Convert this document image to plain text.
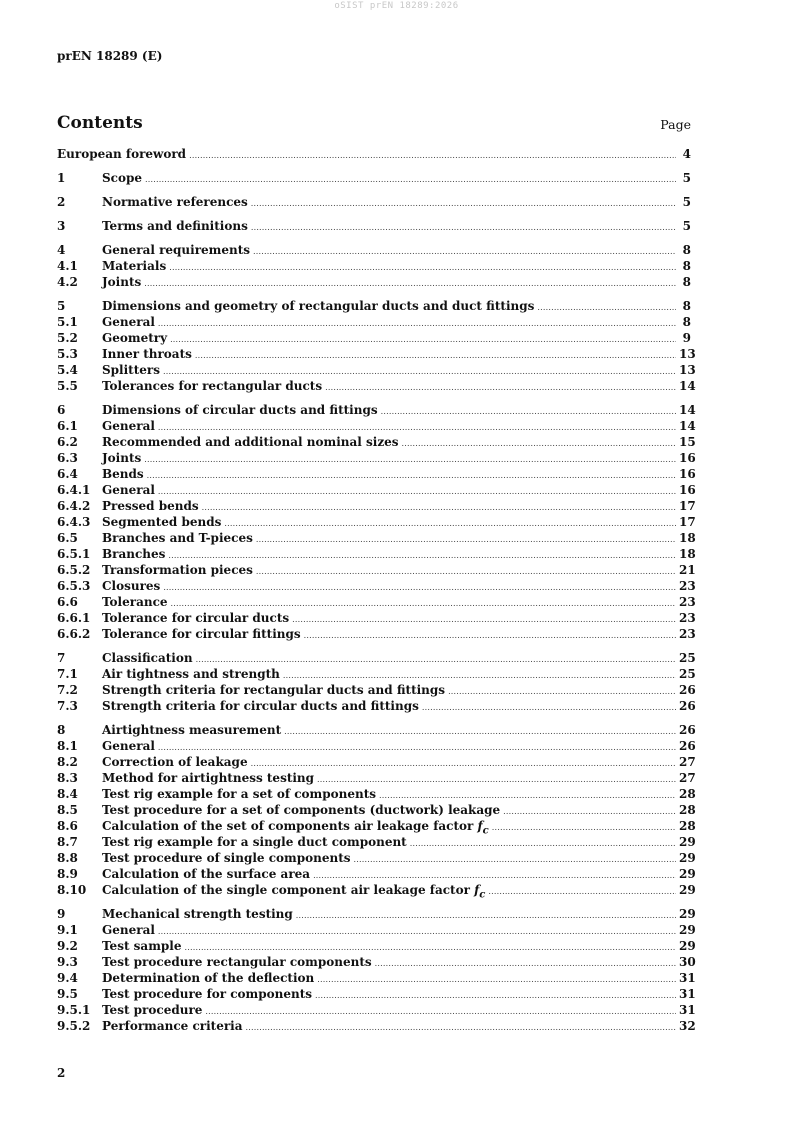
oSIST prEN 18289:2026
prEN 18289 (E)
Contents	Page
European foreword .....	4
1	Scope .....	5
2	Normative references .....	5
3	Terms and definitions .....	5
4	General requirements .....	8
4.1	Materials .....	8
4.2	Joints .....	8
5	Dimensions and geometry of rectangular ducts and duct fittings .....	8
5.1	General .....	8
5.2	Geometry .....	9
5.3	Inner throats .....	13
5.4	Splitters .....	13
5.5	Tolerances for rectangular ducts .....	14
6	Dimensions of circular ducts and fittings .....	14
6.1	General .....	14
6.2	Recommended and additional nominal sizes .....	15
6.3	Joints .....	16
6.4	Bends .....	16
6.4.1 General .....	16
6.4.2 Pressed bends .....	17
6.4.3 Segmented bends .....	17
6.5	Branches and T-pieces .....	18
6.5.1 Branches .....	18
6.5.2 Transformation pieces .....	21
6.5.3 Closures .....	23
6.6	Tolerance .....	23
6.6.1 Tolerance for circular ducts .....	23
6.6.2 Tolerance for circular fittings .....	23
7	Classification .....	25
7.1	Air tightness and strength .....	25
7.2	Strength criteria for rectangular ducts and fittings .....	26
7.3	Strength criteria for circular ducts and fittings .....	26
8	Airtightness measurement .....	26
8.1	General .....	26
8.2	Correction of leakage .....	27
8.3	Method for airtightness testing .....	27
8.4	Test rig example for a set of components .....	28
8.5	Test procedure for a set of components (ductwork) leakage .....	28
8.6	Calculation of the set of components air leakage factor $f_c$ .....	28
8.7	Test rig example for a single duct component .....	29
8.8	Test procedure of single components .....	29
8.9	Calculation of the surface area .....	29
8.10	Calculation of the single component air leakage factor $f_c$ .....	29
9	Mechanical strength testing .....	29
9.1	General .....	29
9.2	Test sample .....	29
9.3	Test procedure rectangular components .....	30
9.4	Determination of the deflection .....	31
9.5	Test procedure for components .....	31
9.5.1 Test procedure .....	31
9.5.2 Performance criteria .....	32
2
